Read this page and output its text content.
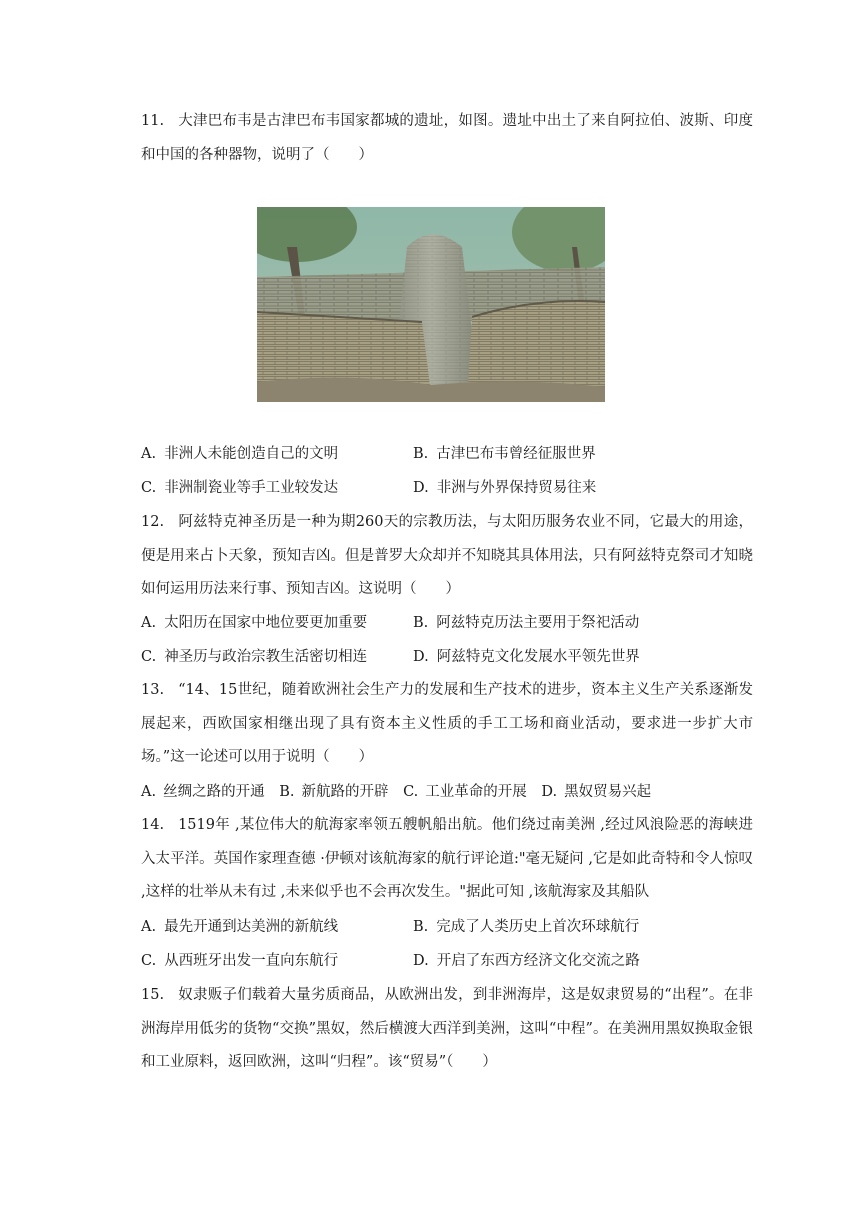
11. 大津巴布韦是古津巴布韦国家都城的遗址，如图。遗址中出土了来自阿拉伯、波斯、印度和中国的各种器物，说明了（　　）
A. 非洲人未能创造自己的文明	B. 古津巴布韦曾经征服世界
C. 非洲制瓷业等手工业较发达	D. 非洲与外界保持贸易往来
12. 阿兹特克神圣历是一种为期260天的宗教历法，与太阳历服务农业不同，它最大的用途，便是用来占卜天象，预知吉凶。但是普罗大众却并不知晓其具体用法，只有阿兹特克祭司才知晓如何运用历法来行事、预知吉凶。这说明（　　）
A. 太阳历在国家中地位要更加重要	B. 阿兹特克历法主要用于祭祀活动
C. 神圣历与政治宗教生活密切相连	D. 阿兹特克文化发展水平领先世界
13. “14、15世纪，随着欧洲社会生产力的发展和生产技术的进步，资本主义生产关系逐渐发展起来，西欧国家相继出现了具有资本主义性质的手工工场和商业活动，要求进一步扩大市场。”这一论述可以用于说明（　　）
A. 丝绸之路的开通 B. 新航路的开辟 C. 工业革命的开展 D. 黑奴贸易兴起
14. 1519年 ,某位伟大的航海家率领五艘帆船出航。他们绕过南美洲 ,经过风浪险恶的海峡进入太平洋。英国作家理查德 ·伊顿对该航海家的航行评论道:"毫无疑问 ,它是如此奇特和令人惊叹 ,这样的壮举从未有过 ,未来似乎也不会再次发生。"据此可知 ,该航海家及其船队
A. 最先开通到达美洲的新航线	B. 完成了人类历史上首次环球航行
C. 从西班牙出发一直向东航行	D. 开启了东西方经济文化交流之路
15. 奴隶贩子们载着大量劣质商品，从欧洲出发，到非洲海岸，这是奴隶贸易的“出程”。在非洲海岸用低劣的货物“交换”黑奴，然后横渡大西洋到美洲，这叫“中程”。在美洲用黑奴换取金银和工业原料，返回欧洲，这叫“归程”。该“贸易”（　　）
